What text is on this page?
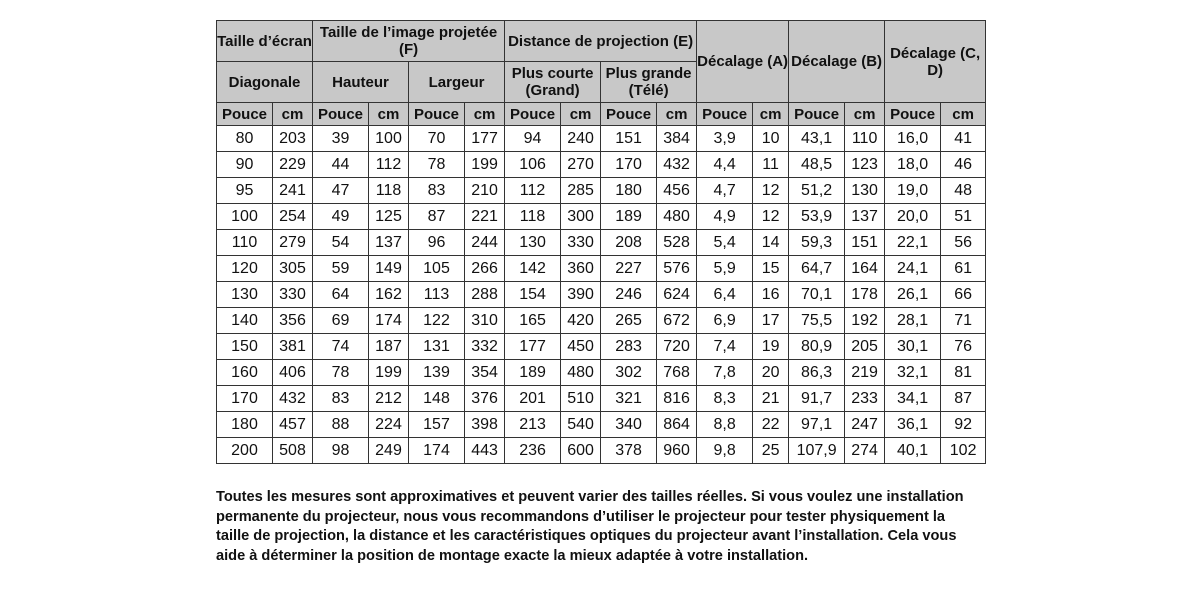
Taille d’écran		Taille de l’image projetée (F)				Distance de projection (E)				Décalage (A)		Décalage (B)		Décalage (C, D)	
Diagonale		Hauteur		Largeur		Plus courte (Grand)		Plus grande (Télé)							
Pouce	cm	Pouce	cm	Pouce	cm	Pouce	cm	Pouce	cm	Pouce	cm	Pouce	cm	Pouce	cm
80	203	39	100	70	177	94	240	151	384	3,9	10	43,1	110	16,0	41
90	229	44	112	78	199	106	270	170	432	4,4	11	48,5	123	18,0	46
95	241	47	118	83	210	112	285	180	456	4,7	12	51,2	130	19,0	48
100	254	49	125	87	221	118	300	189	480	4,9	12	53,9	137	20,0	51
110	279	54	137	96	244	130	330	208	528	5,4	14	59,3	151	22,1	56
120	305	59	149	105	266	142	360	227	576	5,9	15	64,7	164	24,1	61
130	330	64	162	113	288	154	390	246	624	6,4	16	70,1	178	26,1	66
140	356	69	174	122	310	165	420	265	672	6,9	17	75,5	192	28,1	71
150	381	74	187	131	332	177	450	283	720	7,4	19	80,9	205	30,1	76
160	406	78	199	139	354	189	480	302	768	7,8	20	86,3	219	32,1	81
170	432	83	212	148	376	201	510	321	816	8,3	21	91,7	233	34,1	87
180	457	88	224	157	398	213	540	340	864	8,8	22	97,1	247	36,1	92
200	508	98	249	174	443	236	600	378	960	9,8	25	107,9	274	40,1	102
Toutes les mesures sont approximatives et peuvent varier des tailles réelles. Si vous voulez une installation permanente du projecteur, nous vous recommandons d’utiliser le projecteur pour tester physiquement la taille de projection, la distance et les caractéristiques optiques du projecteur avant l’installation. Cela vous aide à déterminer la position de montage exacte la mieux adaptée à votre installation.
